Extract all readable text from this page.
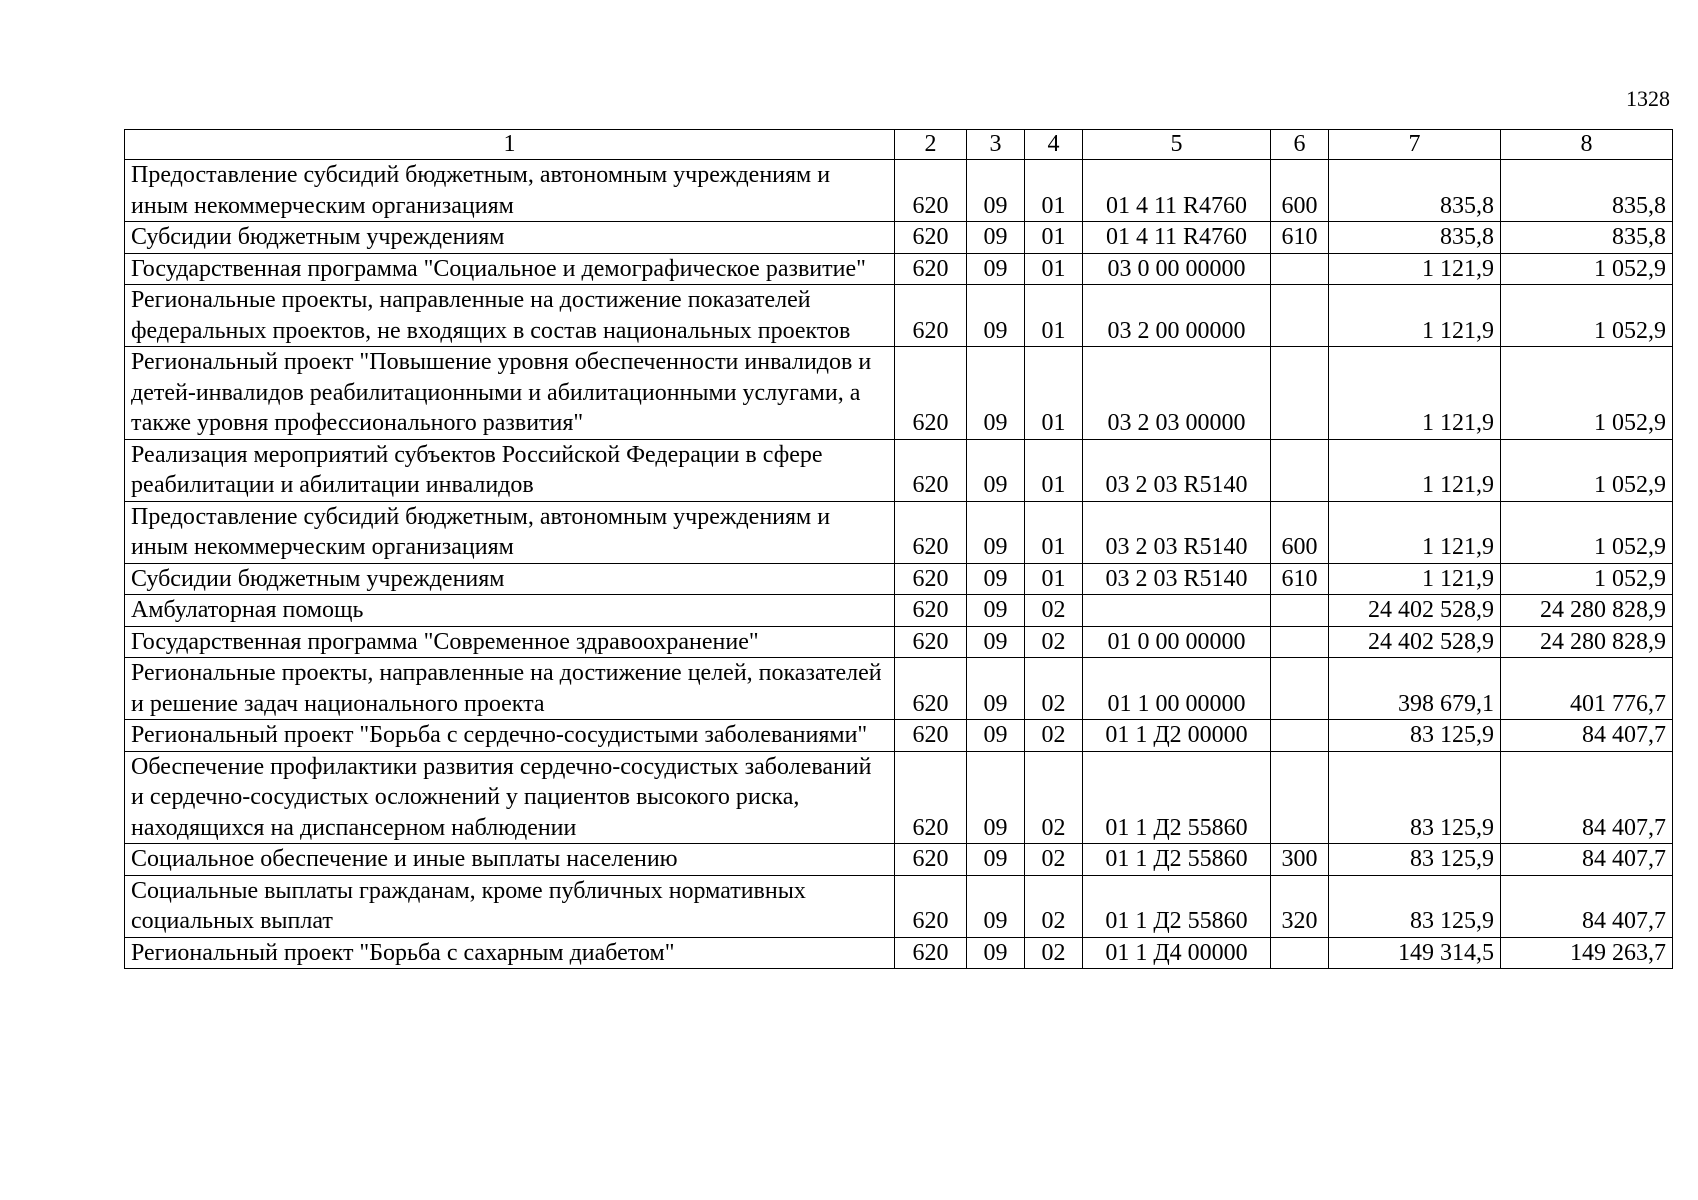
1328
1	2	3	4	5	6	7	8
Предоставление субсидий бюджетным, автономным учреждениям и иным некоммерческим организациям	620	09	01	01 4 11 R4760	600	835,8	835,8
Субсидии бюджетным учреждениям	620	09	01	01 4 11 R4760	610	835,8	835,8
Государственная программа "Социальное и демографическое развитие"	620	09	01	03 0 00 00000		1 121,9	1 052,9
Региональные проекты, направленные на достижение показателей федеральных проектов, не входящих в состав национальных проектов	620	09	01	03 2 00 00000		1 121,9	1 052,9
Региональный проект "Повышение уровня обеспеченности инвалидов и детей-инвалидов реабилитационными и абилитационными услугами, а также уровня профессионального развития"	620	09	01	03 2 03 00000		1 121,9	1 052,9
Реализация мероприятий субъектов Российской Федерации в сфере реабилитации и абилитации инвалидов	620	09	01	03 2 03 R5140		1 121,9	1 052,9
Предоставление субсидий бюджетным, автономным учреждениям и иным некоммерческим организациям	620	09	01	03 2 03 R5140	600	1 121,9	1 052,9
Субсидии бюджетным учреждениям	620	09	01	03 2 03 R5140	610	1 121,9	1 052,9
Амбулаторная помощь	620	09	02			24 402 528,9	24 280 828,9
Государственная программа "Современное здравоохранение"	620	09	02	01 0 00 00000		24 402 528,9	24 280 828,9
Региональные проекты, направленные на достижение целей, показателей и решение задач национального проекта	620	09	02	01 1 00 00000		398 679,1	401 776,7
Региональный проект "Борьба с сердечно-сосудистыми заболеваниями"	620	09	02	01 1 Д2 00000		83 125,9	84 407,7
Обеспечение профилактики развития сердечно-сосудистых заболеваний и сердечно-сосудистых осложнений у пациентов высокого риска, находящихся на диспансерном наблюдении	620	09	02	01 1 Д2 55860		83 125,9	84 407,7
Социальное обеспечение и иные выплаты населению	620	09	02	01 1 Д2 55860	300	83 125,9	84 407,7
Социальные выплаты гражданам, кроме публичных нормативных социальных выплат	620	09	02	01 1 Д2 55860	320	83 125,9	84 407,7
Региональный проект "Борьба с сахарным диабетом"	620	09	02	01 1 Д4 00000		149 314,5	149 263,7
